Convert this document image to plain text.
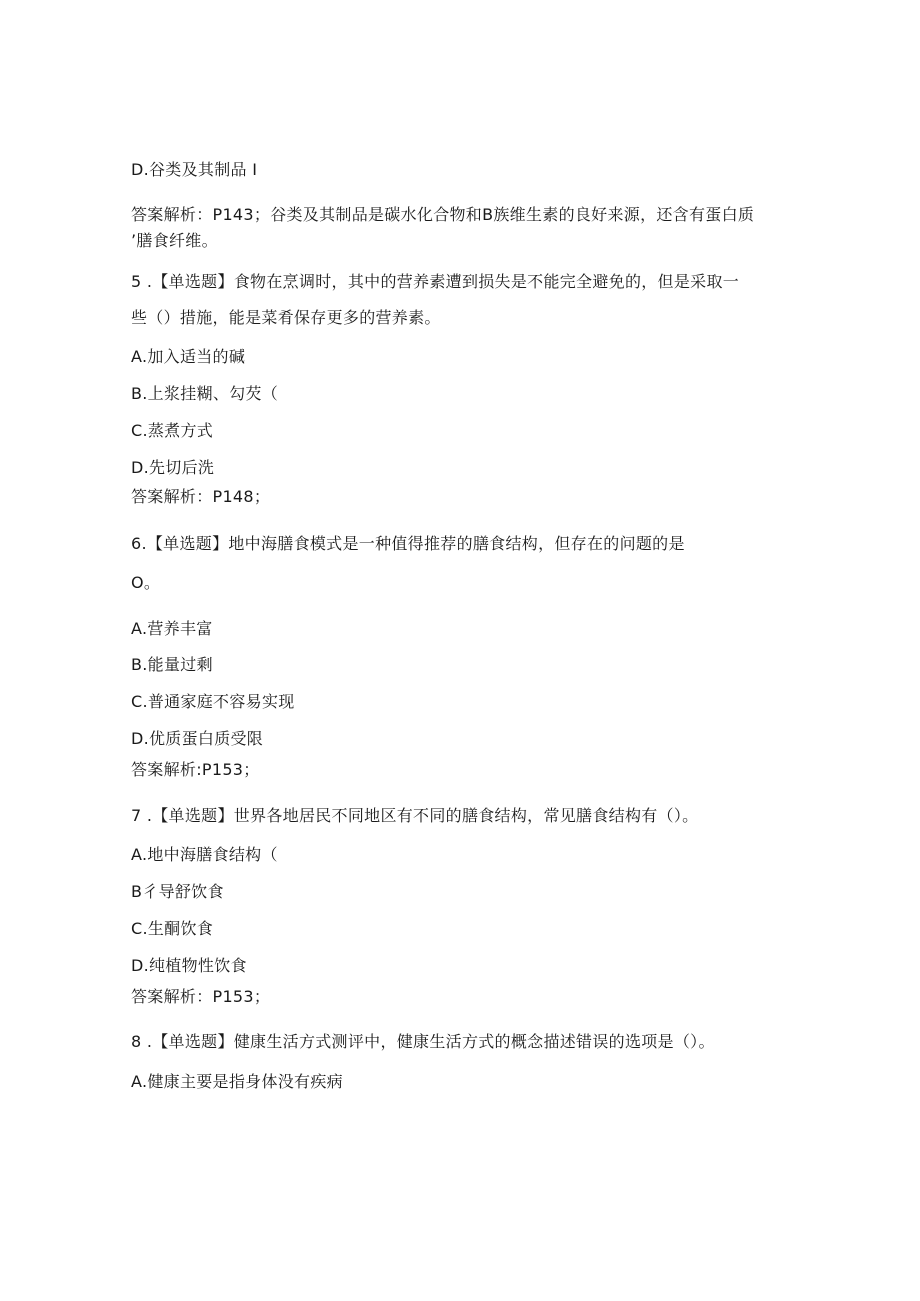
D.谷类及其制品 I
答案解析：P143；谷类及其制品是碳水化合物和B族维生素的良好来源，还含有蛋白质
’膳食纤维。
5 .【单选题】食物在烹调时，其中的营养素遭到损失是不能完全避免的，但是采取一
些（）措施，能是菜肴保存更多的营养素。
A.加入适当的碱
B.上浆挂糊、勾芡（
C.蒸煮方式
D.先切后洗
答案解析：P148；
6.【单选题】地中海膳食模式是一种值得推荐的膳食结构，但存在的问题的是
O。
A.营养丰富
B.能量过剩
C.普通家庭不容易实现
D.优质蛋白质受限
答案解析:P153；
7 .【单选题】世界各地居民不同地区有不同的膳食结构，常见膳食结构有（）。
A.地中海膳食结构（
B彳导舒饮食
C.生酮饮食
D.纯植物性饮食
答案解析：P153；
8 .【单选题】健康生活方式测评中，健康生活方式的概念描述错误的选项是（）。
A.健康主要是指身体没有疾病
